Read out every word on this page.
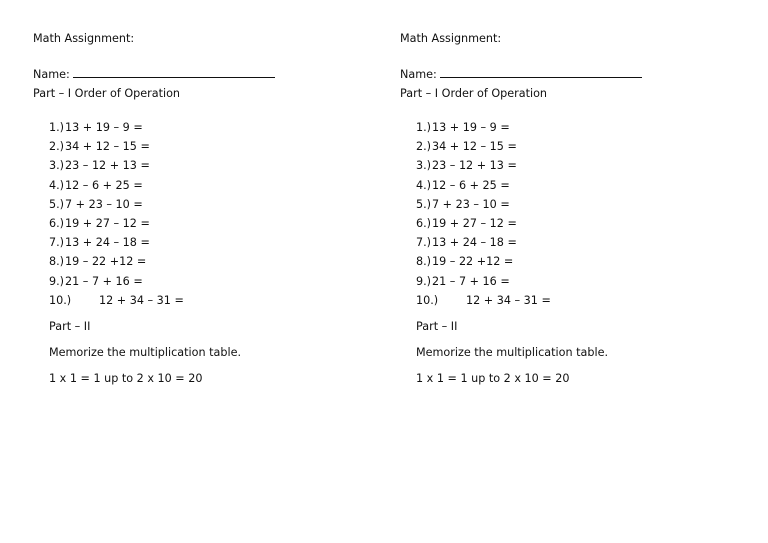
Math Assignment:
Name:
Part – I Order of Operation
1.) 13 + 19 – 9 =
2.) 34 + 12 – 15 =
3.) 23 – 12 + 13 =
4.) 12 – 6 + 25 =
5.) 7 + 23 – 10 =
6.) 19 + 27 – 12 =
7.) 13 + 24 – 18 =
8.) 19 – 22 +12 =
9.) 21 – 7 + 16 =
10.)	12 + 34 – 31 =
Part – II
Memorize the multiplication table.
1 x 1 = 1 up to 2 x 10 = 20
Math Assignment:
Name:
Part – I Order of Operation
1.) 13 + 19 – 9 =
2.) 34 + 12 – 15 =
3.) 23 – 12 + 13 =
4.) 12 – 6 + 25 =
5.) 7 + 23 – 10 =
6.) 19 + 27 – 12 =
7.) 13 + 24 – 18 =
8.) 19 – 22 +12 =
9.) 21 – 7 + 16 =
10.)	12 + 34 – 31 =
Part – II
Memorize the multiplication table.
1 x 1 = 1 up to 2 x 10 = 20
